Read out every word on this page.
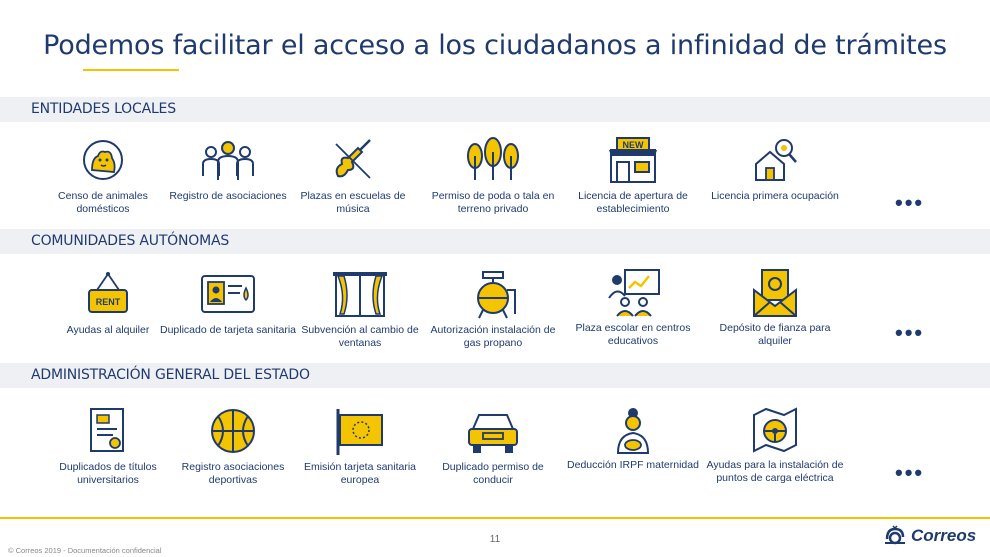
Podemos facilitar el acceso a los ciudadanos a infinidad de trámites
ENTIDADES LOCALES
Censo de animales domésticos
Registro de asociaciones	Plazas en escuelas de música
Permiso de poda o tala en terreno privado
NEW
Licencia de apertura de establecimiento
Licencia primera ocupación	•••
COMUNIDADES AUTÓNOMAS
RENT
Ayudas al alquiler	Duplicado de tarjeta sanitaria Subvención al cambio de ventanas
Autorización instalación de gas propano
Plaza escolar en centros educativos
Depósito de fianza para alquiler	•••
ADMINISTRACIÓN GENERAL DEL ESTADO
Duplicados de títulos universitarios
Registro asociaciones deportivas
Emisión tarjeta sanitaria europea
Duplicado permiso de conducir
Deducción IRPF maternidad Ayudas para la instalación de puntos de carga eléctrica	•••
11
© Correos 2019 - Documentación confidencial
Correos
